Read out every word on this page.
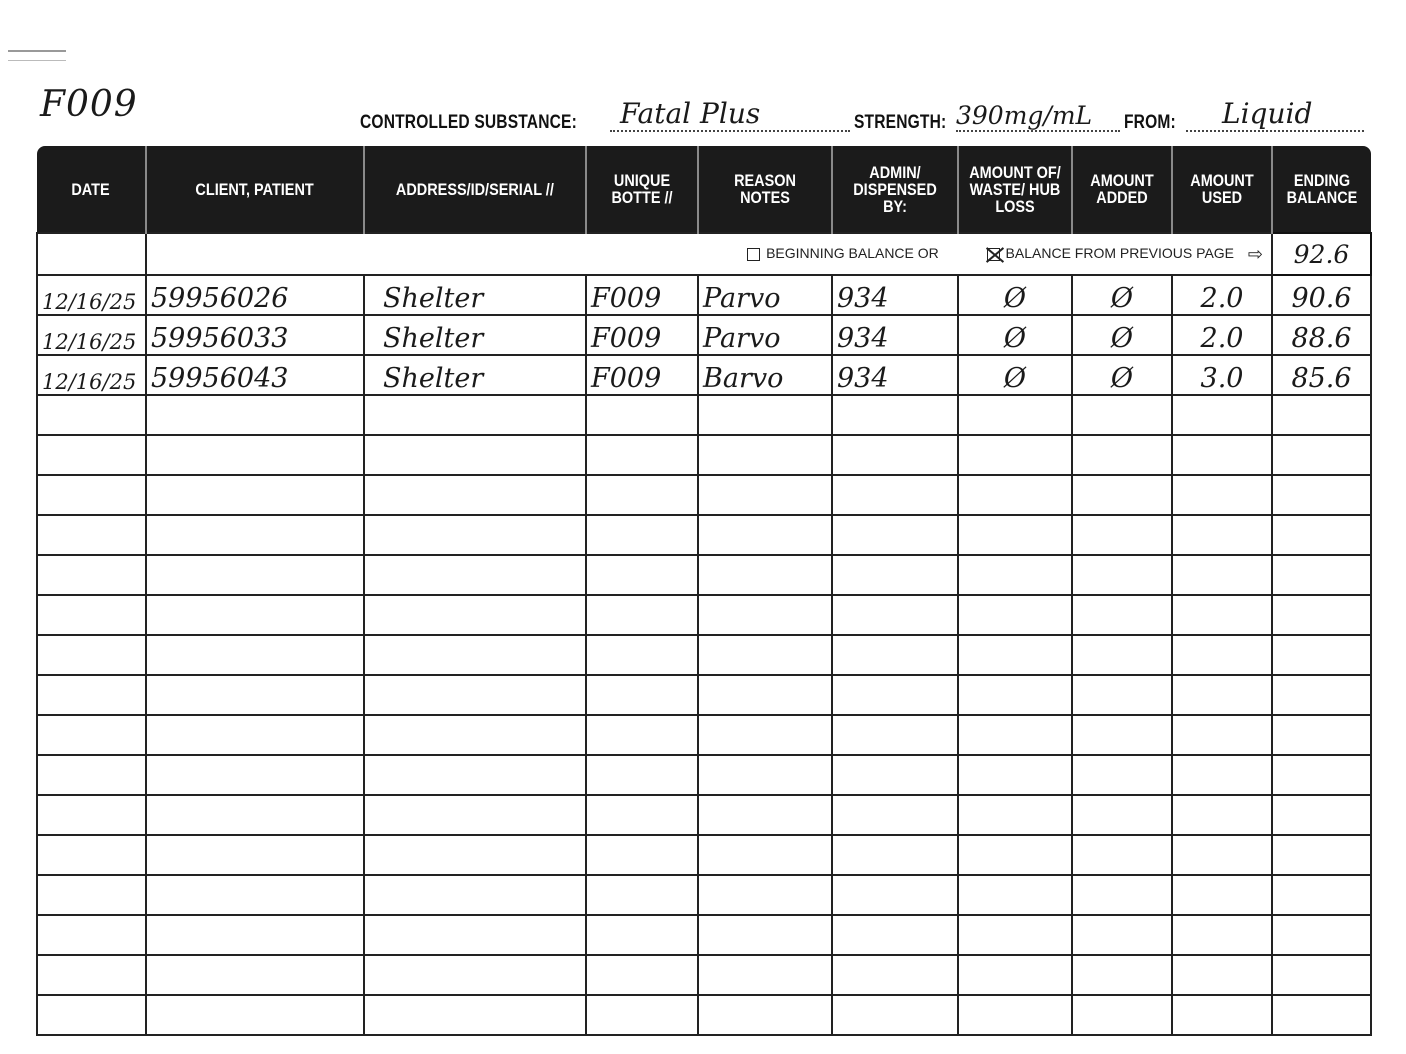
F009	CONTROLLED SUBSTANCE: Fatal Plus	STRENGTH: 390mg/mL FROM: Liquid
DATE	CLIENT, PATIENT	ADDRESS/ID/SERIAL //	UNIQUE BOTTE //	REASON NOTES	ADMIN/ DISPENSED BY:	AMOUNT OF/ WASTE/ HUB LOSS	AMOUNT ADDED	AMOUNT USED	ENDING BALANCE
	BEGINNING BALANCE OR BALANCE FROM PREVIOUS PAGE ⇨								92.6
12/16/25	59956026	Shelter	F009	Parvo	934	Ø	Ø	2.0	90.6
12/16/25	59956033	Shelter	F009	Parvo	934	Ø	Ø	2.0	88.6
12/16/25	59956043	Shelter	F009	Barvo	934	Ø	Ø	3.0	85.6
